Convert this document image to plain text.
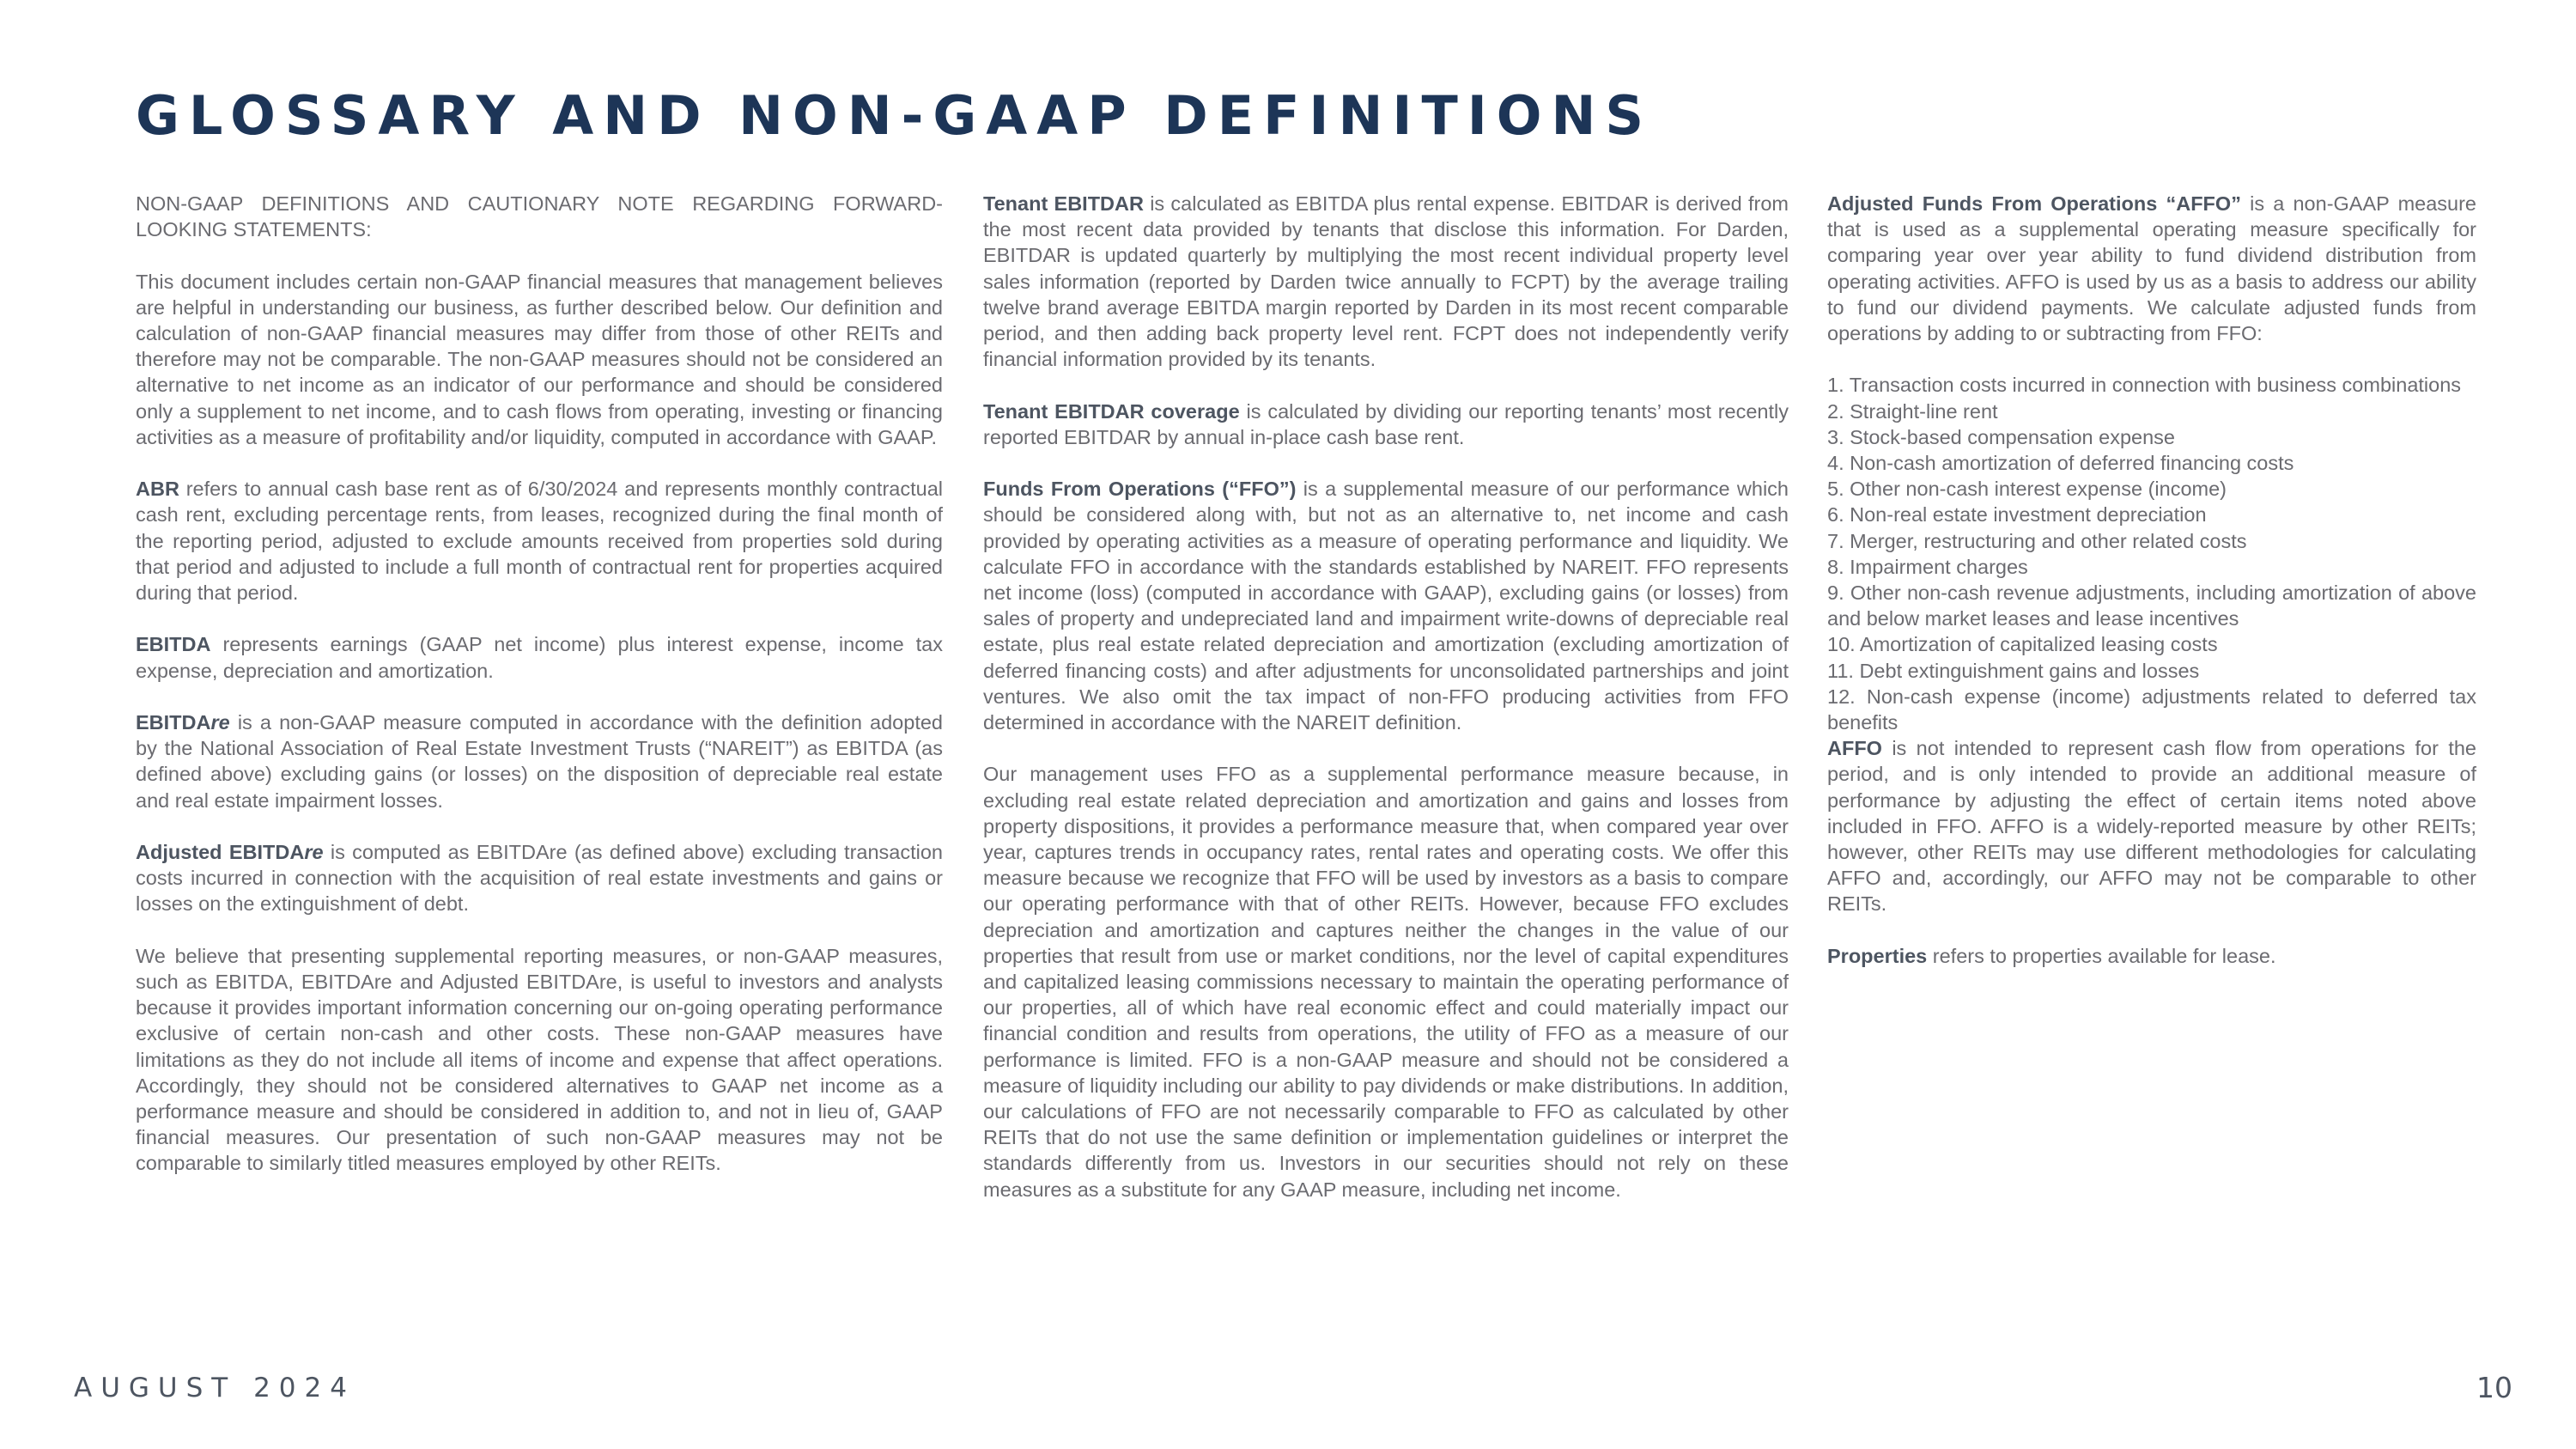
GLOSSARY AND NON-GAAP DEFINITIONS

NON-GAAP DEFINITIONS AND CAUTIONARY NOTE REGARDING FORWARD-LOOKING STATEMENTS:

This document includes certain non-GAAP financial measures that management believes are helpful in understanding our business, as further described below. Our definition and calculation of non-GAAP financial measures may differ from those of other REITs and therefore may not be comparable. The non-GAAP measures should not be considered an alternative to net income as an indicator of our performance and should be considered only a supplement to net income, and to cash flows from operating, investing or financing activities as a measure of profitability and/or liquidity, computed in accordance with GAAP.

ABR refers to annual cash base rent as of 6/30/2024 and represents monthly contractual cash rent, excluding percentage rents, from leases, recognized during the final month of the reporting period, adjusted to exclude amounts received from properties sold during that period and adjusted to include a full month of contractual rent for properties acquired during that period.

EBITDA represents earnings (GAAP net income) plus interest expense, income tax expense, depreciation and amortization.

EBITDAre is a non-GAAP measure computed in accordance with the definition adopted by the National Association of Real Estate Investment Trusts (“NAREIT”) as EBITDA (as defined above) excluding gains (or losses) on the disposition of depreciable real estate and real estate impairment losses.

Adjusted EBITDAre is computed as EBITDAre (as defined above) excluding transaction costs incurred in connection with the acquisition of real estate investments and gains or losses on the extinguishment of debt.

We believe that presenting supplemental reporting measures, or non-GAAP measures, such as EBITDA, EBITDAre and Adjusted EBITDAre, is useful to investors and analysts because it provides important information concerning our on-going operating performance exclusive of certain non-cash and other costs. These non-GAAP measures have limitations as they do not include all items of income and expense that affect operations. Accordingly, they should not be considered alternatives to GAAP net income as a performance measure and should be considered in addition to, and not in lieu of, GAAP financial measures. Our presentation of such non-GAAP measures may not be comparable to similarly titled measures employed by other REITs.

Tenant EBITDAR is calculated as EBITDA plus rental expense. EBITDAR is derived from the most recent data provided by tenants that disclose this information. For Darden, EBITDAR is updated quarterly by multiplying the most recent individual property level sales information (reported by Darden twice annually to FCPT) by the average trailing twelve brand average EBITDA margin reported by Darden in its most recent comparable period, and then adding back property level rent. FCPT does not independently verify financial information provided by its tenants.

Tenant EBITDAR coverage is calculated by dividing our reporting tenants’ most recently reported EBITDAR by annual in-place cash base rent.

Funds From Operations (“FFO”) is a supplemental measure of our performance which should be considered along with, but not as an alternative to, net income and cash provided by operating activities as a measure of operating performance and liquidity. We calculate FFO in accordance with the standards established by NAREIT. FFO represents net income (loss) (computed in accordance with GAAP), excluding gains (or losses) from sales of property and undepreciated land and impairment write-downs of depreciable real estate, plus real estate related depreciation and amortization (excluding amortization of deferred financing costs) and after adjustments for unconsolidated partnerships and joint ventures. We also omit the tax impact of non-FFO producing activities from FFO determined in accordance with the NAREIT definition.

Our management uses FFO as a supplemental performance measure because, in excluding real estate related depreciation and amortization and gains and losses from property dispositions, it provides a performance measure that, when compared year over year, captures trends in occupancy rates, rental rates and operating costs. We offer this measure because we recognize that FFO will be used by investors as a basis to compare our operating performance with that of other REITs. However, because FFO excludes depreciation and amortization and captures neither the changes in the value of our properties that result from use or market conditions, nor the level of capital expenditures and capitalized leasing commissions necessary to maintain the operating performance of our properties, all of which have real economic effect and could materially impact our financial condition and results from operations, the utility of FFO as a measure of our performance is limited. FFO is a non-GAAP measure and should not be considered a measure of liquidity including our ability to pay dividends or make distributions. In addition, our calculations of FFO are not necessarily comparable to FFO as calculated by other REITs that do not use the same definition or implementation guidelines or interpret the standards differently from us. Investors in our securities should not rely on these measures as a substitute for any GAAP measure, including net income.

Adjusted Funds From Operations “AFFO” is a non-GAAP measure that is used as a supplemental operating measure specifically for comparing year over year ability to fund dividend distribution from operating activities. AFFO is used by us as a basis to address our ability to fund our dividend payments. We calculate adjusted funds from operations by adding to or subtracting from FFO:

1. Transaction costs incurred in connection with business combinations
2. Straight-line rent
3. Stock-based compensation expense
4. Non-cash amortization of deferred financing costs
5. Other non-cash interest expense (income)
6. Non-real estate investment depreciation
7. Merger, restructuring and other related costs
8. Impairment charges
9. Other non-cash revenue adjustments, including amortization of above and below market leases and lease incentives
10. Amortization of capitalized leasing costs
11. Debt extinguishment gains and losses
12. Non-cash expense (income) adjustments related to deferred tax benefits

AFFO is not intended to represent cash flow from operations for the period, and is only intended to provide an additional measure of performance by adjusting the effect of certain items noted above included in FFO. AFFO is a widely-reported measure by other REITs; however, other REITs may use different methodologies for calculating AFFO and, accordingly, our AFFO may not be comparable to other REITs.

Properties refers to properties available for lease.

AUGUST 2024	10
